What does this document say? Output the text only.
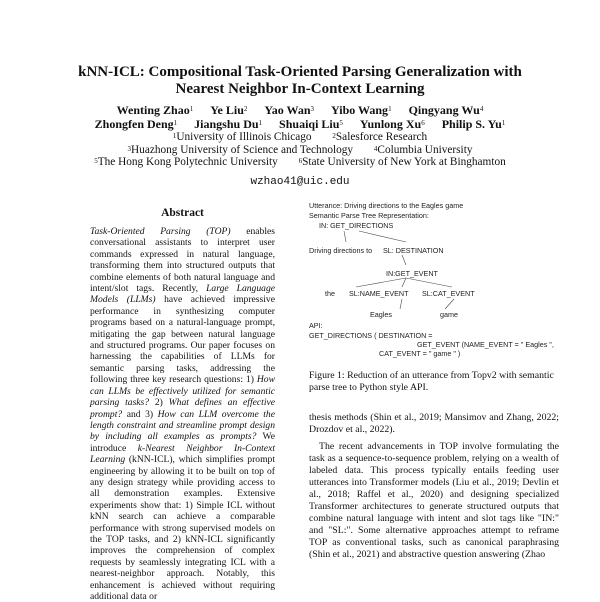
kNN-ICL: Compositional Task-Oriented Parsing Generalization with
Nearest Neighbor In-Context Learning
Wenting Zhao$^1$ Ye Liu$^2$ Yao Wan$^3$ Yibo Wang$^1$ Qingyang Wu$^4$
Zhongfen Deng$^1$ Jiangshu Du$^1$ Shuaiqi Liu$^5$ Yunlong Xu$^6$ Philip S. Yu$^1$
$^1$University of Illinois Chicago	$^2$Salesforce Research
$^3$Huazhong University of Science and Technology	$^4$Columbia University
$^5$The Hong Kong Polytechnic University	$^6$State University of New York at Binghamton
wzhao41@uic.edu
Abstract
Task-Oriented Parsing (TOP) enables conversational assistants to interpret user commands expressed in natural language, transforming them into structured outputs that combine elements of both natural language and intent/slot tags. Recently, Large Language Models (LLMs) have achieved impressive performance in synthesizing computer programs based on a natural-language prompt, mitigating the gap between natural language and structured programs. Our paper focuses on harnessing the capabilities of LLMs for semantic parsing tasks, addressing the following three key research questions: 1) How can LLMs be effectively utilized for semantic parsing tasks? 2) What defines an effective prompt? and 3) How can LLM overcome the length constraint and streamline prompt design by including all examples as prompts? We introduce k-Nearest Neighbor In-Context Learning (kNN-ICL), which simplifies prompt engineering by allowing it to be built on top of any design strategy while providing access to all demonstration examples. Extensive experiments show that: 1) Simple ICL without kNN search can achieve a comparable performance with strong supervised models on the TOP tasks, and 2) kNN-ICL significantly improves the comprehension of complex requests by seamlessly integrating ICL with a nearest-neighbor approach. Notably, this enhancement is achieved without requiring additional data or
Utterance: Driving directions to the Eagles game
Semantic Parse Tree Representation:
IN: GET_DIRECTIONS
Driving directions to SL: DESTINATION
IN:GET_EVENT
the SL:NAME_EVENT SL:CAT_EVENT
Eagles	game
API:
GET_DIRECTIONS ( DESTINATION =
GET_EVENT (NAME_EVENT = " Eagles ",
CAT_EVENT = " game " )
Figure 1: Reduction of an utterance from Topv2 with semantic parse tree to Python style API.

thesis methods (Shin et al., 2019; Mansimov and Zhang, 2022; Drozdov et al., 2022).

The recent advancements in TOP involve formulating the task as a sequence-to-sequence problem, relying on a wealth of labeled data. This process typically entails feeding user utterances into Transformer models (Liu et al., 2019; Devlin et al., 2018; Raffel et al., 2020) and designing specialized Transformer architectures to generate structured outputs that combine natural language with intent and slot tags like "IN:" and "SL:". Some alternative approaches attempt to reframe TOP as conventional tasks, such as canonical paraphrasing (Shin et al., 2021) and abstractive question answering (Zhao
